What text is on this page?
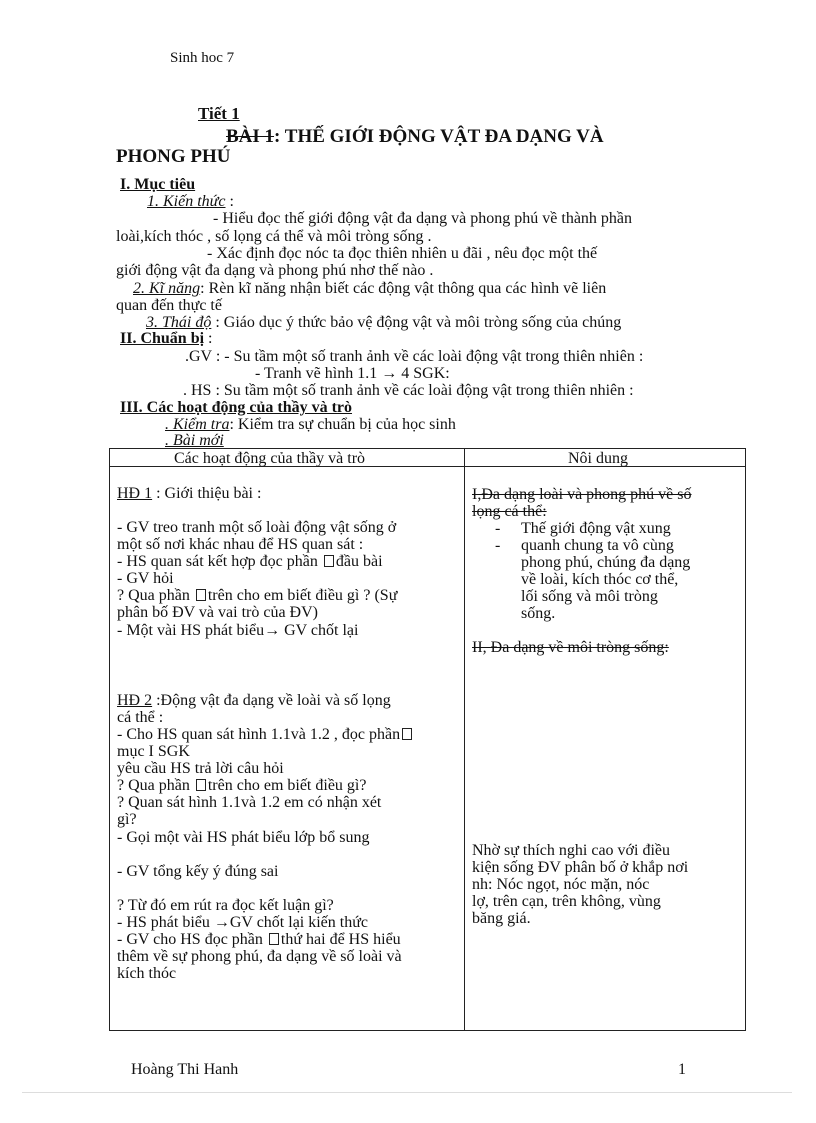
Sinh hoc 7
Tiết 1
BÀI 1: THẾ GIỚI ĐỘNG VẬT ĐA DẠNG VÀ
PHONG PHÚ
I. Mục tiêu
1. Kiến thức :
- Hiểu đọc thế giới động vật đa dạng và phong phú về thành phần
loài,kích thóc , số lọng cá thể và môi tròng sống .
- Xác định đọc nóc ta đọc thiên nhiên u đãi , nêu đọc một thế
giới động vật đa dạng và phong phú nhơ thế nào .
2. Kĩ năng: Rèn kĩ năng nhận biết các động vật thông qua các hình vẽ liên
quan đến thực tế
3. Thái độ : Giáo dục ý thức bảo vệ động vật và môi tròng sống của chúng
II. Chuẩn bị :
.GV : - Su tầm một số tranh ảnh về các loài động vật trong thiên nhiên :
- Tranh vẽ hình 1.1 → 4 SGK:
. HS : Su tầm một số tranh ảnh về các loài động vật trong thiên nhiên :
III. Các hoạt động của thầy và trò
. Kiểm tra: Kiểm tra sự chuẩn bị của học sinh
. Bài mới
Các hoạt động của thầy và trò	Nôi dung
HĐ 1 : Giới thiệu bài :
- GV treo tranh một số loài động vật sống ở
một số nơi khác nhau để HS quan sát :
- HS quan sát kết hợp đọc phần đầu bài
- GV hỏi
? Qua phần trên cho em biết điều gì ? (Sự
phân bố ĐV và vai trò của ĐV)
- Một vài HS phát biểu→ GV chốt lại
HĐ 2 :Động vật đa dạng về loài và số lọng
cá thể :
- Cho HS quan sát hình 1.1và 1.2 , đọc phần
mục I SGK
yêu cầu HS trả lời câu hỏi
? Qua phần trên cho em biết điều gì?
? Quan sát hình 1.1và 1.2 em có nhận xét
gì?
- Gọi một vài HS phát biểu lớp bổ sung
- GV tổng kếy ý đúng sai
? Từ đó em rút ra đọc kết luận gì?
- HS phát biểu →GV chốt lại kiến thức
- GV cho HS đọc phần thứ hai để HS hiểu
thêm về sự phong phú, đa dạng về số loài và
kích thóc
I,Đa dạng loài và phong phú về số
lọng cá thể:
- Thế giới động vật xung
- quanh chung ta vô cùng
phong phú, chúng đa dạng
về loài, kích thóc cơ thể,
lối sống và môi tròng
sống.
II, Đa dạng về môi tròng sống:
Nhờ sự thích nghi cao với điều
kiện sống ĐV phân bố ở khắp nơi
nh: Nóc ngọt, nóc mặn, nóc
lợ, trên cạn, trên không, vùng
băng giá.
Hoàng Thi Hanh	1
